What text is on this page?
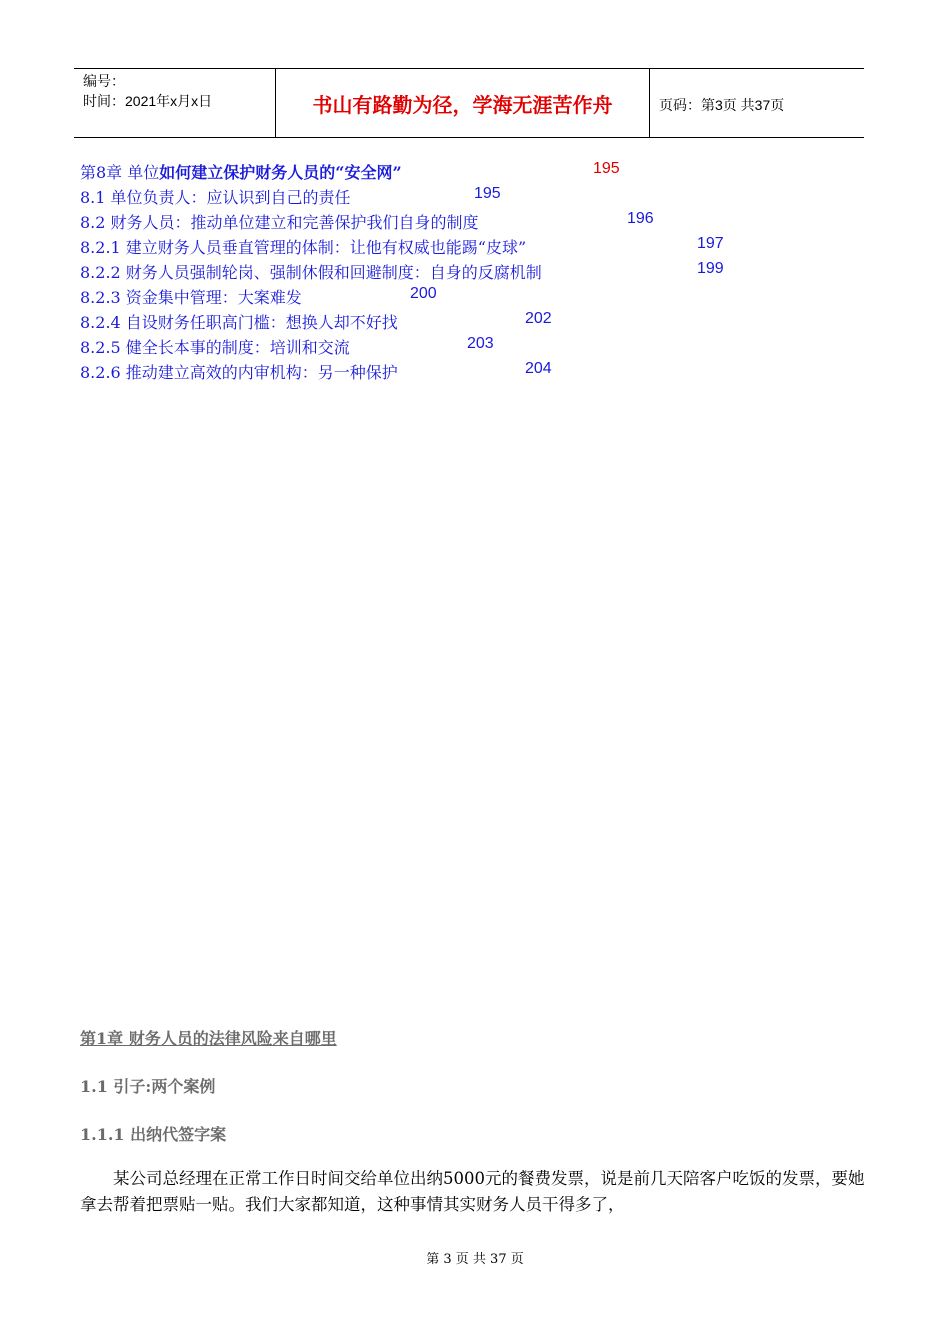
编号：
时间：2021年x月x日	书山有路勤为径，学海无涯苦作舟	页码：第3页 共37页
第8章 单位如何建立保护财务人员的“安全网”	195
8.1 单位负责人：应认识到自己的责任	195
8.2 财务人员：推动单位建立和完善保护我们自身的制度	196
8.2.1 建立财务人员垂直管理的体制：让他有权威也能踢“皮球”	197
8.2.2 财务人员强制轮岗、强制休假和回避制度：自身的反腐机制	199
8.2.3 资金集中管理：大案难发	200
8.2.4 自设财务任职高门槛：想换人却不好找	202
8.2.5 健全长本事的制度：培训和交流	203
8.2.6 推动建立高效的内审机构：另一种保护	204
第1章 财务人员的法律风险来自哪里
1.1 引子:两个案例
1.1.1 出纳代签字案
某公司总经理在正常工作日时间交给单位出纳5000元的餐费发票，说是前几天陪客户吃饭的发票，要她拿去帮着把票贴一贴。我们大家都知道，这种事情其实财务人员干得多了，
第 3 页 共 37 页
